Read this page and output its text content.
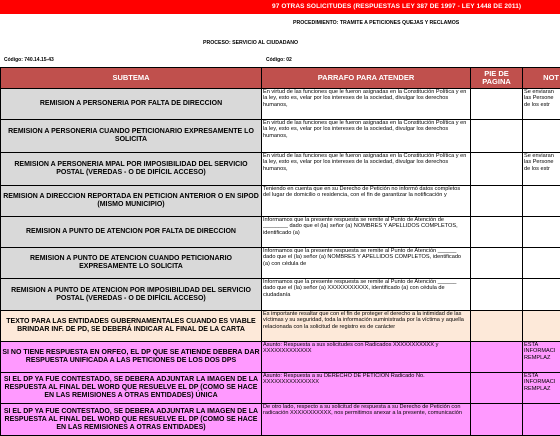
97 OTRAS SOLICITUDES (RESPUESTAS LEY 387 DE 1997 - LEY 1448 DE 2011)
PROCEDIMIENTO: TRAMITE A PETICIONES QUEJAS Y RECLAMOS
PROCESO: SERVICIO AL CIUDADANO
Código: 740.14.15-43	Código: 02
SUBTEMA	PARRAFO PARA ATENDER	PIE DE PAGINA	NOT

REMISIÓN A PERSONERÍA POR FALTA DE DIRECCIÓN	En virtud de las funciones que le fueron asignadas en la Constitución Política y en la ley, esto es, velar por los intereses de la sociedad, divulgar los derechos humanos,		Se enviaran las Persone de los estr

REMISIÓN A PERSONERÍA CUANDO PETICIONARIO EXPRESAMENTE LO SOLICITA	En virtud de las funciones que le fueron asignadas en la Constitución Política y en la ley, esto es, velar por los intereses de la sociedad, divulgar los derechos humanos,		

REMISIÓN A PERSONERÍA MPAL POR IMPOSIBILIDAD DEL SERVICIO POSTAL (VEREDAS - O DE DIFÍCIL ACCESO)	En virtud de las funciones que le fueron asignadas en la Constitución Política y en la ley, esto es, velar por los intereses de la sociedad, divulgar los derechos humanos,		Se enviaran las Persone de los estr

REMISIÓN A DIRECCIÓN REPORTADA EN PETICIÓN ANTERIOR O EN SIPOD (MISMO MUNICIPIO)	Teniendo en cuenta que en su Derecho de Petición no informó datos completos del lugar de domicilio o residencia, con el fin de garantizar la notificación y		

REMISIÓN A PUNTO DE ATENCIÓN POR FALTA DE DIRECCIÓN	Informamos que la presente respuesta se remite al Punto de Atención de ________ dado que el (la) señor (a) NOMBRES Y APELLIDOS COMPLETOS, identificado (a)		

REMISIÓN A PUNTO DE ATENCIÓN CUANDO PETICIONARIO EXPRESAMENTE LO SOLICITA	Informamos que la presente respuesta se remite al Punto de Atención ______ dado que el (la) señor (a) NOMBRES Y APELLIDOS COMPLETOS, identificado (a) con cédula de		

REMISIÓN A PUNTO DE ATENCION POR IMPOSIBILIDAD DEL SERVICIO POSTAL (VEREDAS - O DE DIFÍCIL ACCESO)	Informamos que la presente respuesta se remite al Punto de Atención ______ dado que el (la) señor (a) XXXXXXXXXXX, identificado (a) con cédula de ciudadanía		

TEXTO PARA LAS ENTIDADES GUBERNAMENTALES CUANDO ES VIABLE BRINDAR INF. DE PD, SE DEBERÁ INDICAR AL FINAL DE LA CARTA	Es importante resaltar que con el fin de proteger el derecho a la intimidad de las víctimas y su seguridad, toda la información suministrada por la víctima y aquella relacionada con la solicitud de registro es de carácter		

SI NO TIENE RESPUESTA EN ORFEO, EL DP QUE SE ATIENDE DEBERÁ DAR RESPUESTA UNIFICADA A LAS PETICIONES DE LOS DOS DPS	Asunto: Respuesta a sus solicitudes con Radicados XXXXXXXXXXX y XXXXXXXXXXXXX		ESTA INFORMACI REMPLAZ

SI EL DP YA FUE CONTESTADO, SE DEBERÁ ADJUNTAR LA IMAGEN DE LA RESPUESTA AL FINAL DEL WORD QUE RESUELVE EL DP (COMO SE HACE EN LAS REMISIONES A OTRAS ENTIDADES) ÚNICA	Asunto: Respuesta a su DERECHO DE PETICIÓN Radicado No. XXXXXXXXXXXXXXX		ESTA INFORMACI REMPLAZ

SI EL DP YA FUE CONTESTADO, SE DEBERÁ ADJUNTAR LA IMAGEN DE LA RESPUESTA AL FINAL DEL WORD QUE RESUELVE EL DP (COMO SE HACE EN LAS REMISIONES A OTRAS ENTIDADES)	De otro lado, respecto a su solicitud de respuesta a su Derecho de Petición con radicación XXXXXXXXXXX, nos permitimos anexar a la presente, comunicación		
